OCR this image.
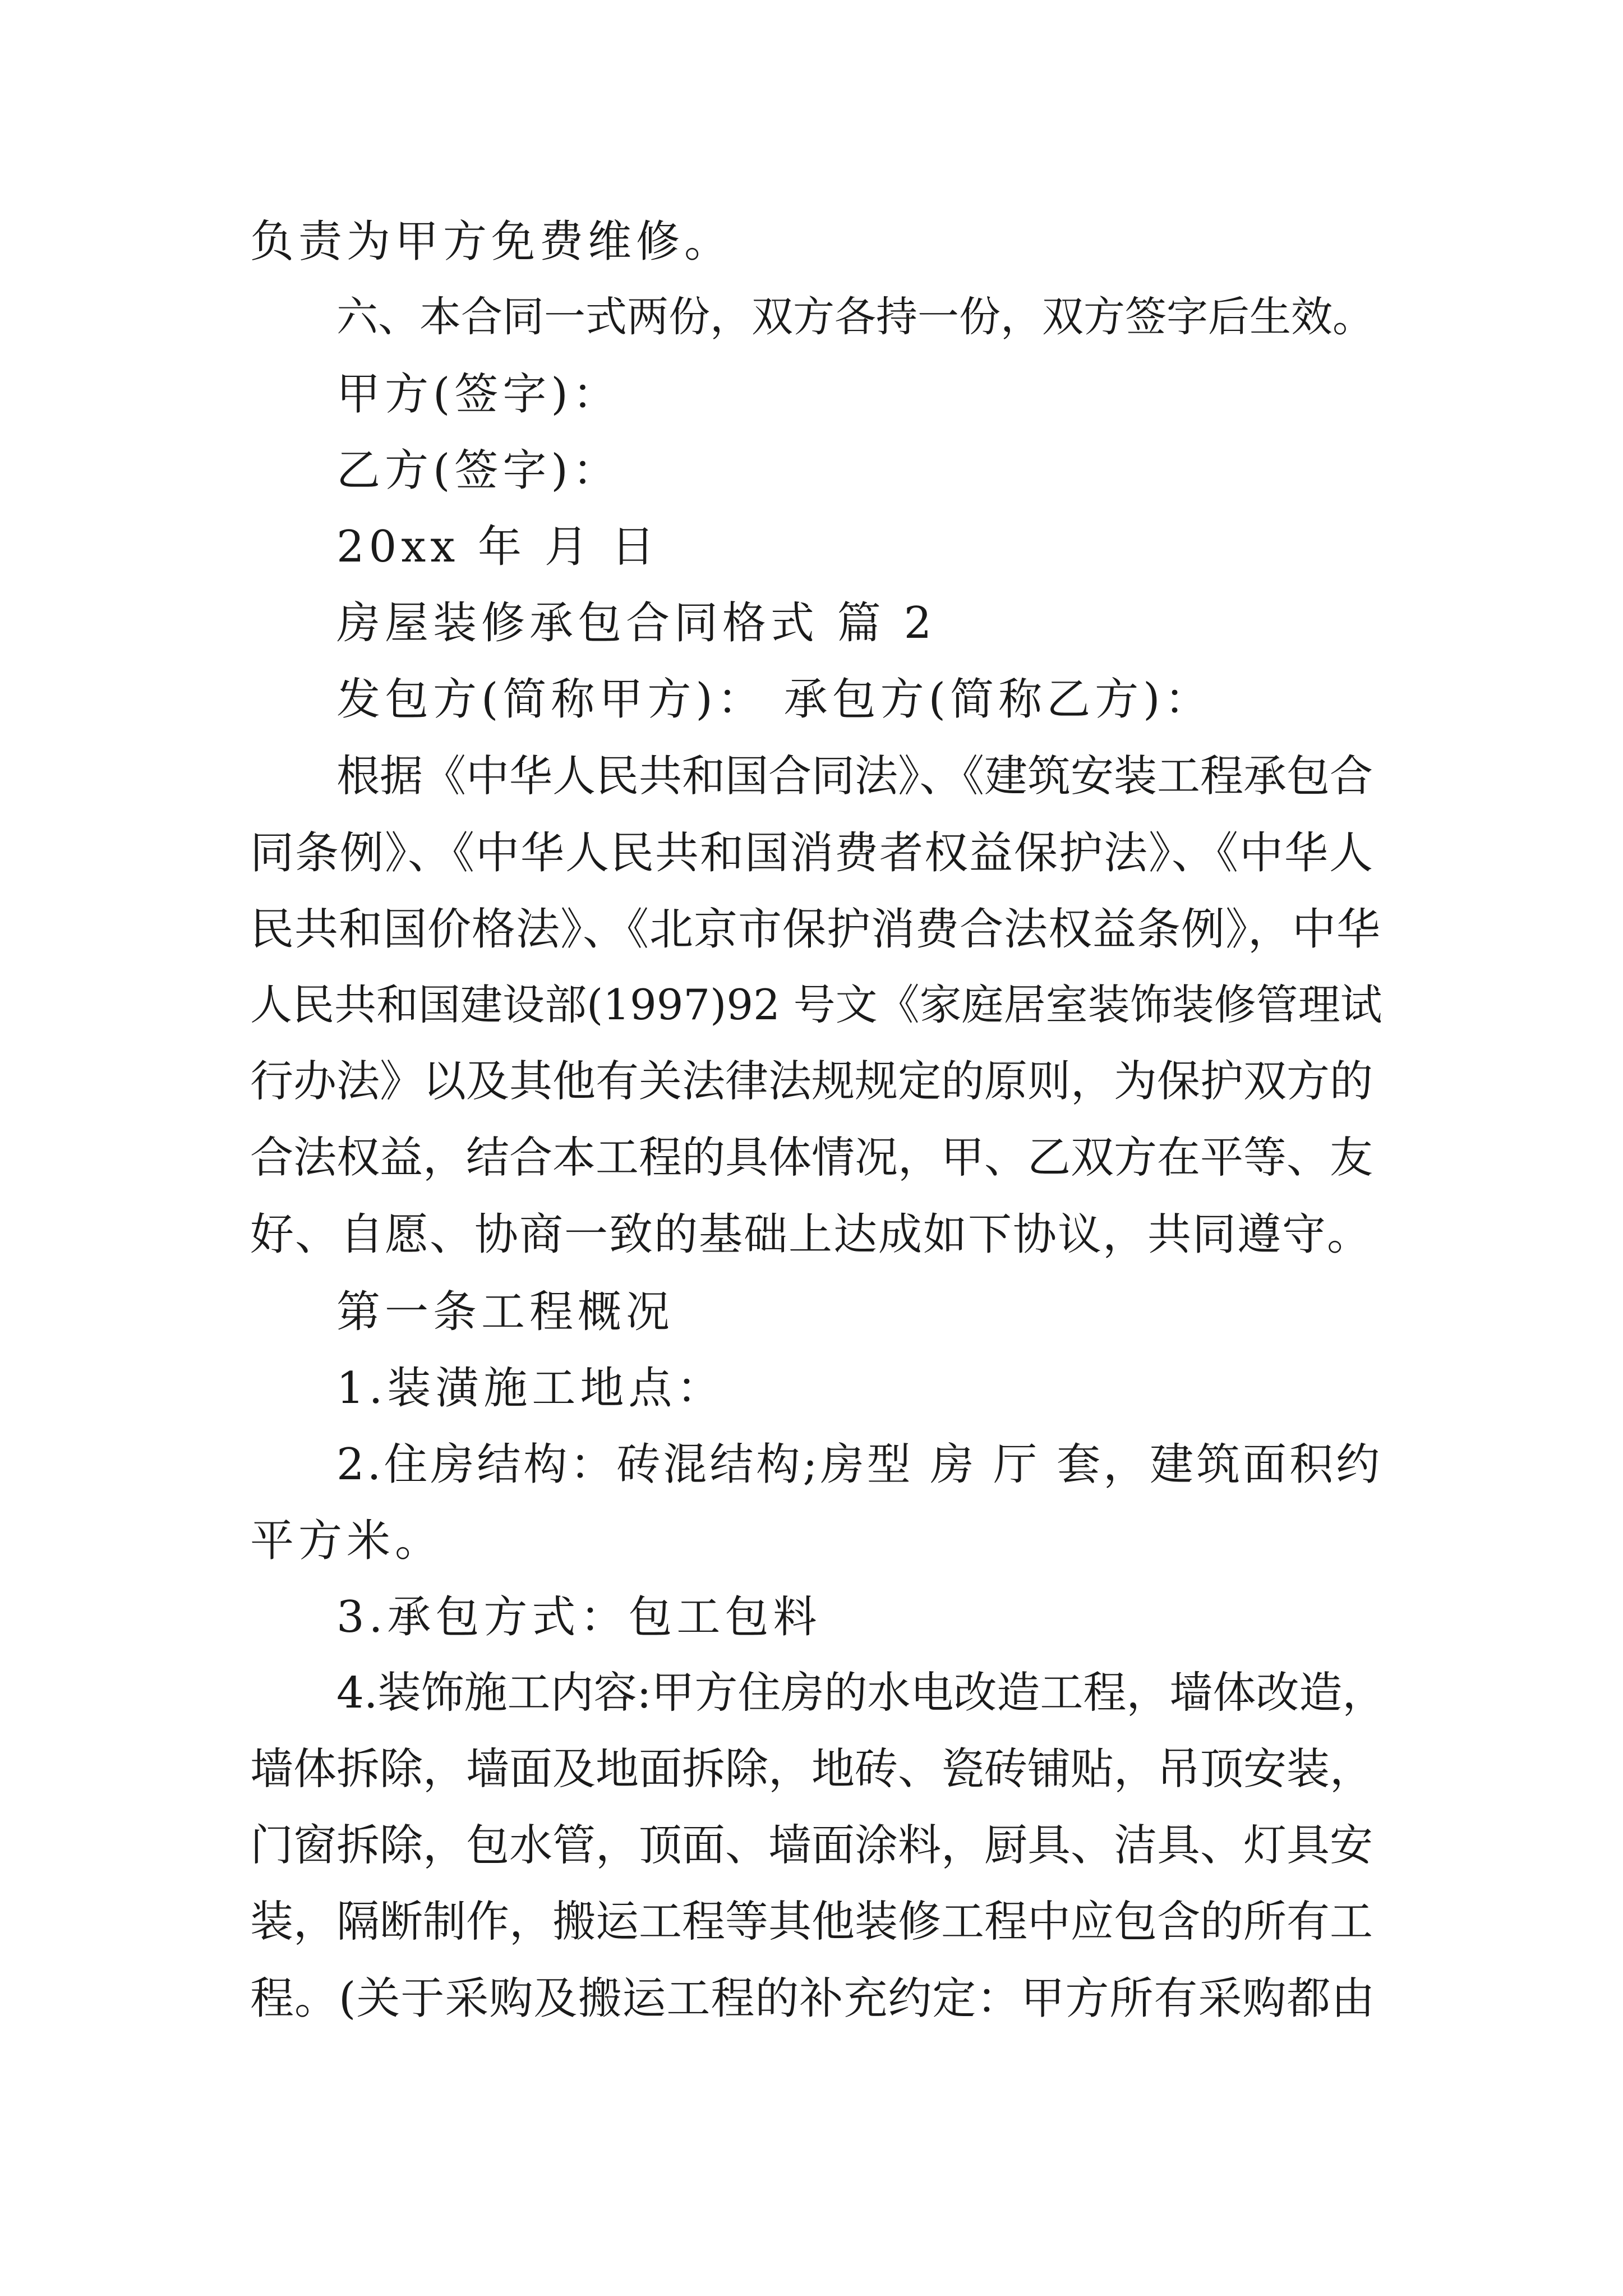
负责为甲方免费维修。
六、本合同一式两份，双方各持一份，双方签字后生效。
甲方(签字)：
乙方(签字)：
20xx 年 月 日
房屋装修承包合同格式 篇 2
发包方(简称甲方)： 承包方(简称乙方)：
根据《中华人民共和国合同法》、《建筑安装工程承包合
同条例》、《中华人民共和国消费者权益保护法》、《中华人
民共和国价格法》、《北京市保护消费合法权益条例》，中华
人民共和国建设部(1997)92 号文《家庭居室装饰装修管理试
行办法》以及其他有关法律法规规定的原则，为保护双方的
合法权益，结合本工程的具体情况，甲、乙双方在平等、友
好、自愿、协商一致的基础上达成如下协议，共同遵守。
第一条工程概况
1.装潢施工地点：
2.住房结构：砖混结构;房型 房 厅 套，建筑面积约
平方米。
3.承包方式：包工包料
4.装饰施工内容:甲方住房的水电改造工程，墙体改造，
墙体拆除，墙面及地面拆除，地砖、瓷砖铺贴，吊顶安装，
门窗拆除，包水管，顶面、墙面涂料，厨具、洁具、灯具安
装，隔断制作，搬运工程等其他装修工程中应包含的所有工
程。(关于采购及搬运工程的补充约定：甲方所有采购都由
